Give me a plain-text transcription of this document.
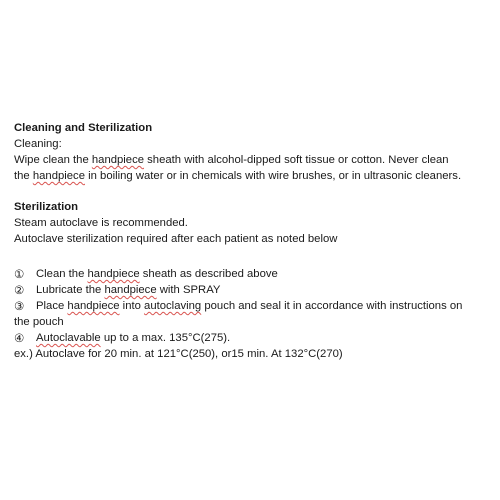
Cleaning and Sterilization

Cleaning:

Wipe clean the handpiece sheath with alcohol-dipped soft tissue or cotton. Never clean

the handpiece in boiling water or in chemicals with wire brushes, or in ultrasonic cleaners.

Sterilization

Steam autoclave is recommended.

Autoclave sterilization required after each patient as noted below

①	Clean the handpiece sheath as described above
②	Lubricate the handpiece with SPRAY
③	Place handpiece into autoclaving pouch and seal it in accordance with instructions on

the pouch

④	Autoclavable up to a max. 135°C(275).

ex.) Autoclave for 20 min. at 121°C(250), or15 min. At 132°C(270)
